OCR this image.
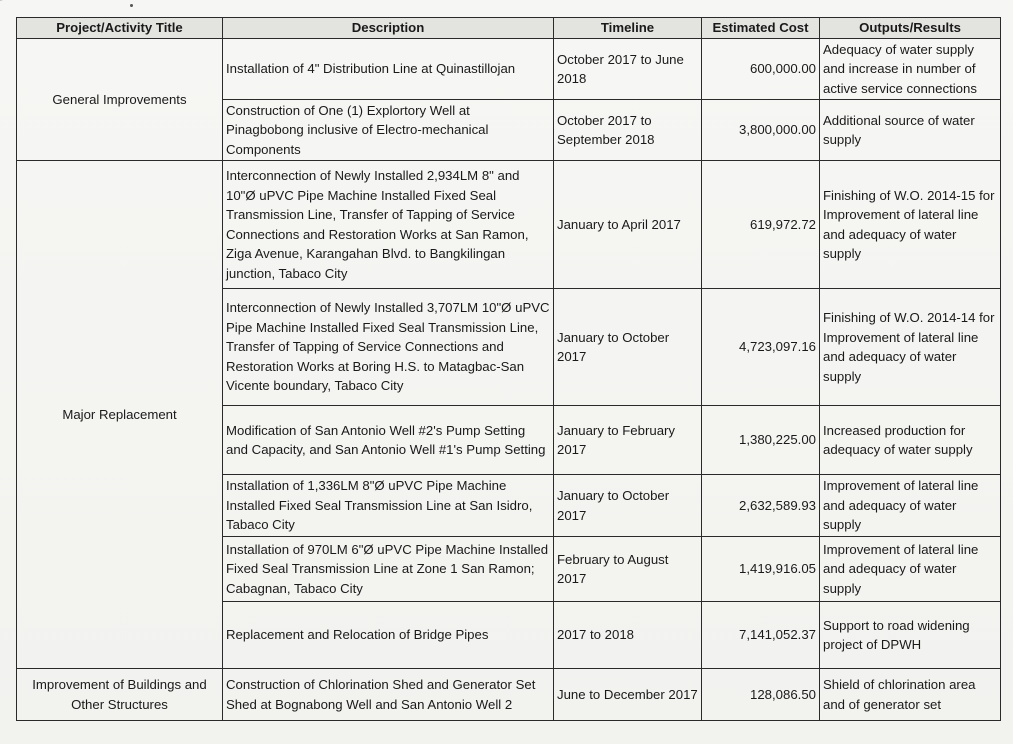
Project/Activity Title	Description	Timeline	Estimated Cost	Outputs/Results
General Improvements	Installation of 4" Distribution Line at Quinastillojan	October 2017 to June 2018	600,000.00	Adequacy of water supply and increase in number of active service connections
	Construction of One (1) Explortory Well at Pinagbobong inclusive of Electro-mechanical Components	October 2017 to September 2018	3,800,000.00	Additional source of water supply
Major Replacement	Interconnection of Newly Installed 2,934LM 8" and 10"Ø uPVC Pipe Machine Installed Fixed Seal Transmission Line, Transfer of Tapping of Service Connections and Restoration Works at San Ramon, Ziga Avenue, Karangahan Blvd. to Bangkilingan junction, Tabaco City	January to April 2017	619,972.72	Finishing of W.O. 2014-15 for Improvement of lateral line and adequacy of water supply
	Interconnection of Newly Installed 3,707LM 10"Ø uPVC Pipe Machine Installed Fixed Seal Transmission Line, Transfer of Tapping of Service Connections and Restoration Works at Boring H.S. to Matagbac-San Vicente boundary, Tabaco City	January to October 2017	4,723,097.16	Finishing of W.O. 2014-14 for Improvement of lateral line and adequacy of water supply
	Modification of San Antonio Well #2's Pump Setting and Capacity, and San Antonio Well #1's Pump Setting	January to February 2017	1,380,225.00	Increased production for adequacy of water supply
	Installation of 1,336LM 8"Ø uPVC Pipe Machine Installed Fixed Seal Transmission Line at San Isidro, Tabaco City	January to October 2017	2,632,589.93	Improvement of lateral line and adequacy of water supply
	Installation of 970LM 6"Ø uPVC Pipe Machine Installed Fixed Seal Transmission Line at Zone 1 San Ramon; Cabagnan, Tabaco City	February to August 2017	1,419,916.05	Improvement of lateral line and adequacy of water supply
	Replacement and Relocation of Bridge Pipes	2017 to 2018	7,141,052.37	Support to road widening project of DPWH
Improvement of Buildings and Other Structures	Construction of Chlorination Shed and Generator Set Shed at Bognabong Well and San Antonio Well 2	June to December 2017	128,086.50	Shield of chlorination area and of generator set
